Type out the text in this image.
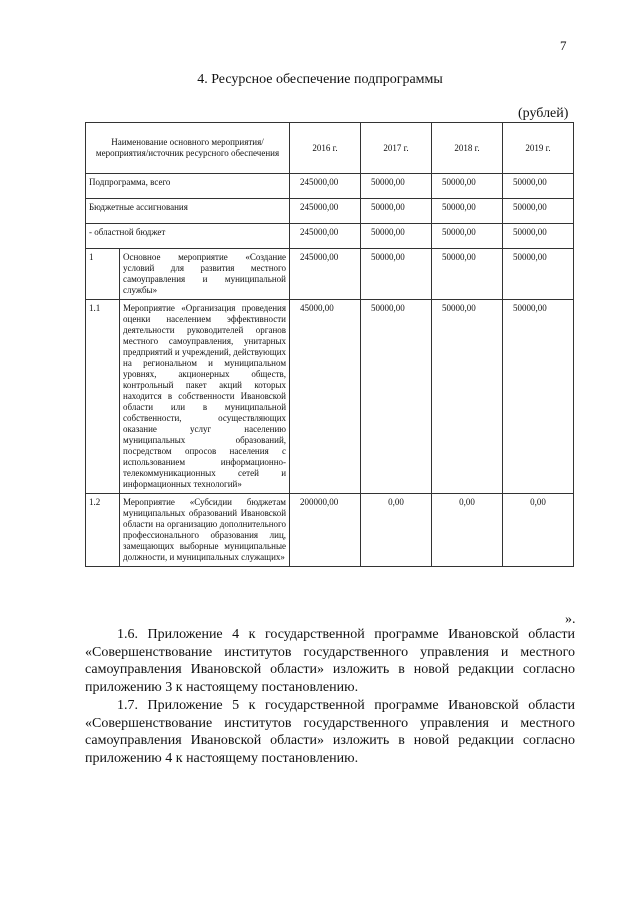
7
4. Ресурсное обеспечение подпрограммы
(рублей)
Наименование основного мероприятия/мероприятия/источник ресурсного обеспечения		2016 г.	2017 г.	2018 г.	2019 г.
Подпрограмма, всего		245000,00	50000,00	50000,00	50000,00
Бюджетные ассигнования		245000,00	50000,00	50000,00	50000,00
- областной бюджет		245000,00	50000,00	50000,00	50000,00
1	Основное мероприятие «Создание условий для развития местного самоуправления и муниципальной службы»	245000,00	50000,00	50000,00	50000,00
1.1	Мероприятие «Организация проведения оценки населением эффективности деятельности руководителей органов местного самоуправления, унитарных предприятий и учреждений, действующих на региональном и муниципальном уровнях, акционерных обществ, контрольный пакет акций которых находится в собственности Ивановской области или в муниципальной собственности, осуществляющих оказание услуг населению муниципальных образований, посредством опросов населения с использованием информационно-телекоммуникационных сетей и информационных технологий»	45000,00	50000,00	50000,00	50000,00
1.2	Мероприятие «Субсидии бюджетам муниципальных образований Ивановской области на организацию дополнительного профессионального образования лиц, замещающих выборные муниципальные должности, и муниципальных служащих»	200000,00	0,00	0,00	0,00
».

1.6. Приложение 4 к государственной программе Ивановской области «Совершенствование институтов государственного управления и местного самоуправления Ивановской области» изложить в новой редакции согласно приложению 3 к настоящему постановлению.

1.7. Приложение 5 к государственной программе Ивановской области «Совершенствование институтов государственного управления и местного самоуправления Ивановской области» изложить в новой редакции согласно приложению 4 к настоящему постановлению.
